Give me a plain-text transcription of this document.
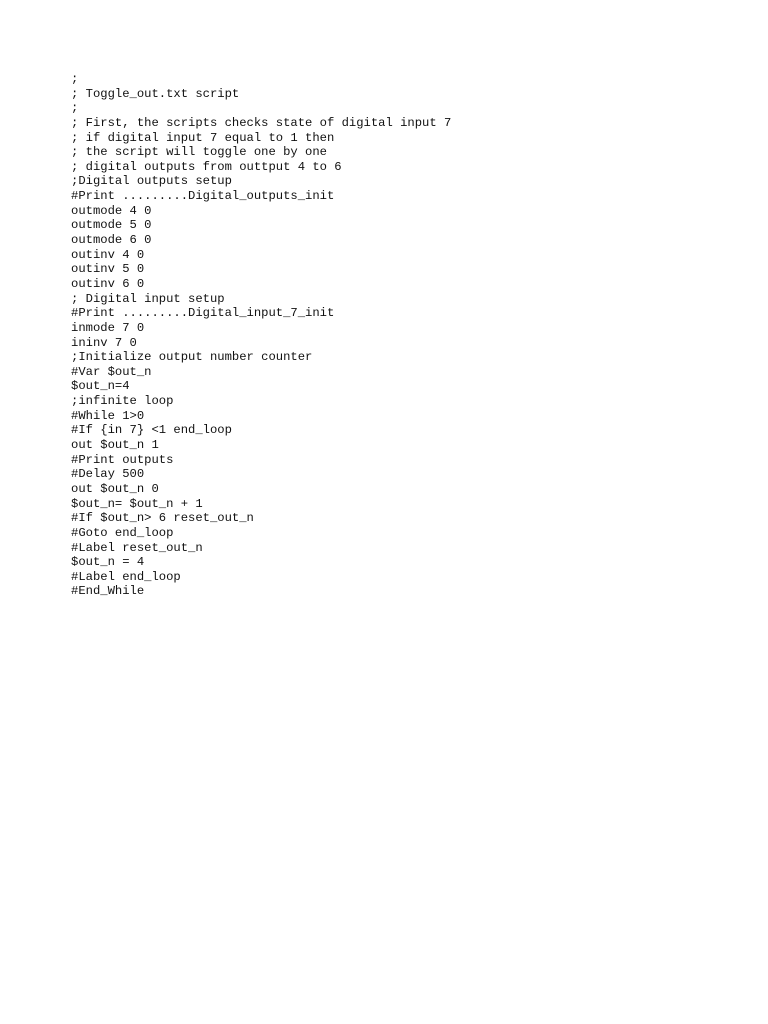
;
; Toggle_out.txt script
;
; First, the scripts checks state of digital input 7
; if digital input 7 equal to 1 then
; the script will toggle one by one
; digital outputs from outtput 4 to 6
;Digital outputs setup
#Print .........Digital_outputs_init
outmode 4 0
outmode 5 0
outmode 6 0
outinv 4 0
outinv 5 0
outinv 6 0
; Digital input setup
#Print .........Digital_input_7_init
inmode 7 0
ininv 7 0
;Initialize output number counter
#Var $out_n
$out_n=4
;infinite loop
#While 1>0
#If {in 7} <1 end_loop
out $out_n 1
#Print outputs
#Delay 500
out $out_n 0
$out_n= $out_n + 1
#If $out_n> 6 reset_out_n
#Goto end_loop
#Label reset_out_n
$out_n = 4
#Label end_loop
#End_While
